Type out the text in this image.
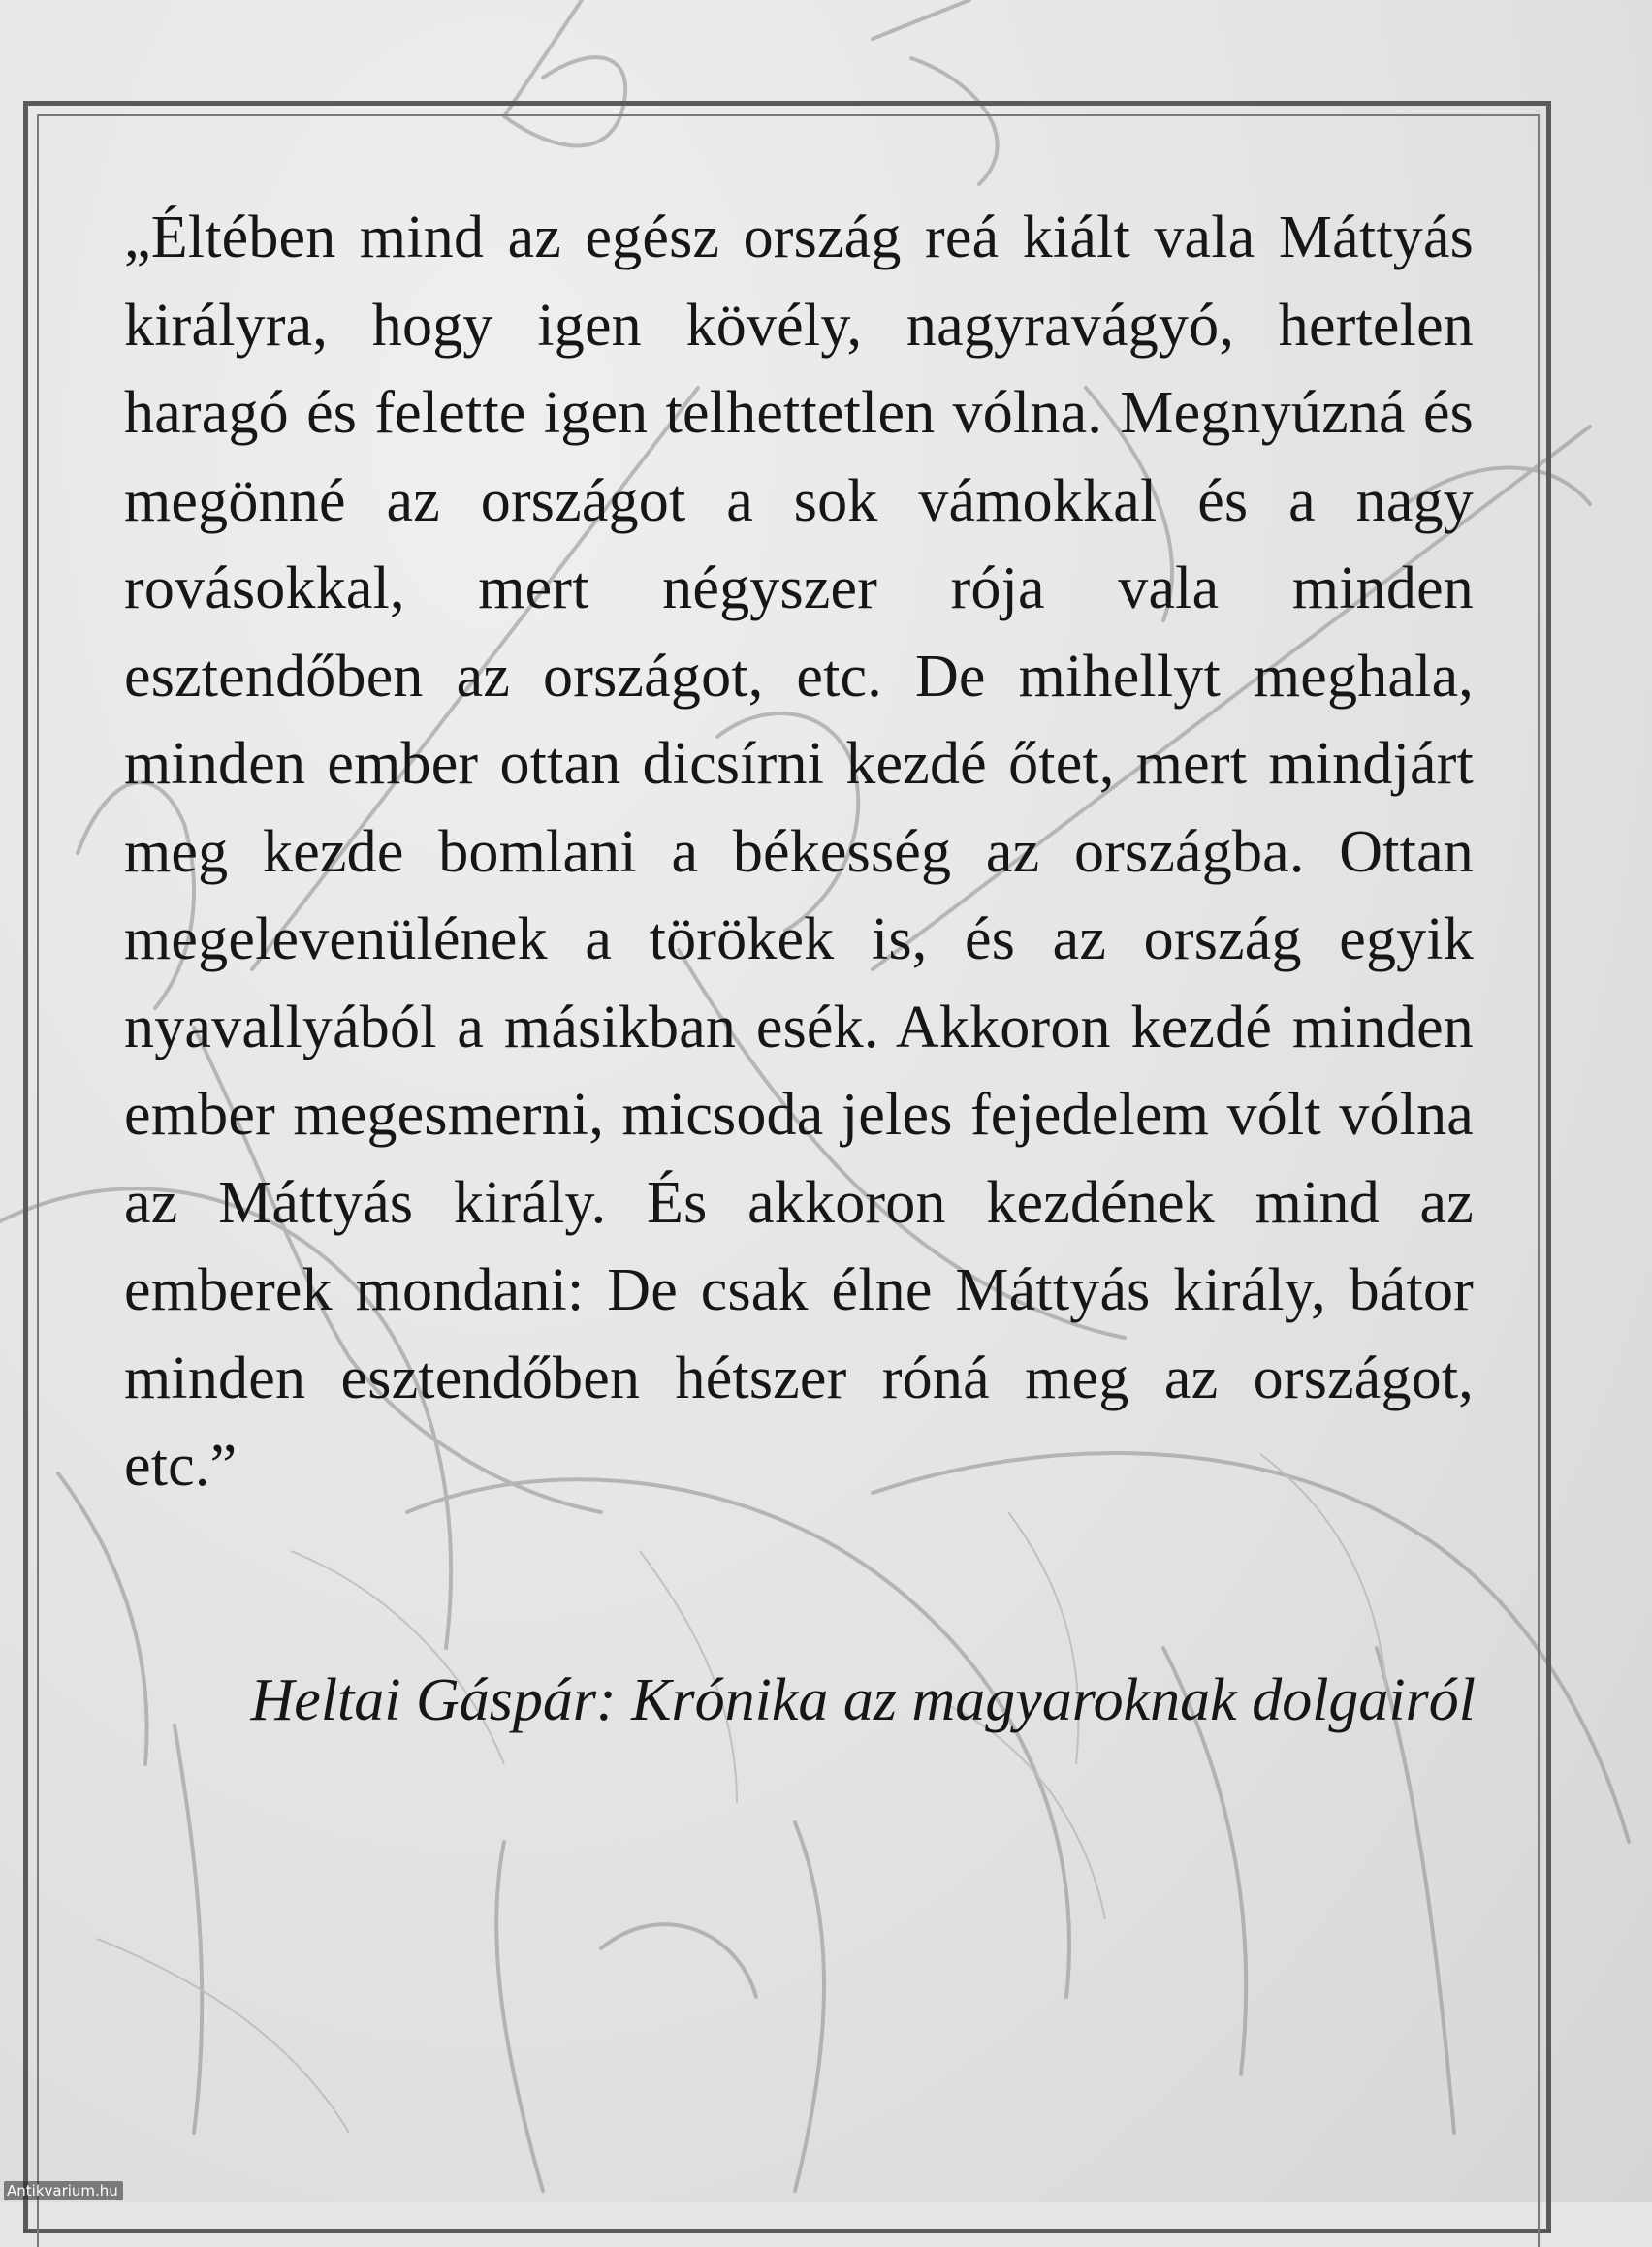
„Éltében mind az egész ország reá kiált vala Máttyás királyra, hogy igen kövély, nagyravágyó, hertelen haragó és felette igen telhettetlen vólna. Megnyúzná és megönné az országot a sok vámokkal és a nagy rovásokkal, mert négyszer rója vala minden esztendőben az országot, etc. De mihellyt meghala, minden ember ottan dicsírni kezdé őtet, mert mindjárt meg kezde bomlani a békesség az országba. Ottan megelevenülének a törökek is, és az ország egyik nyavallyából a másikban esék. Akkoron kezdé minden ember megesmerni, micsoda jeles fejedelem vólt vólna az Máttyás király. És akkoron kezdének mind az emberek mondani: De csak élne Máttyás király, bátor minden esztendőben hétszer róná meg az országot, etc.”

Heltai Gáspár: Krónika az magyaroknak dolgairól

Antikvarium.hu
